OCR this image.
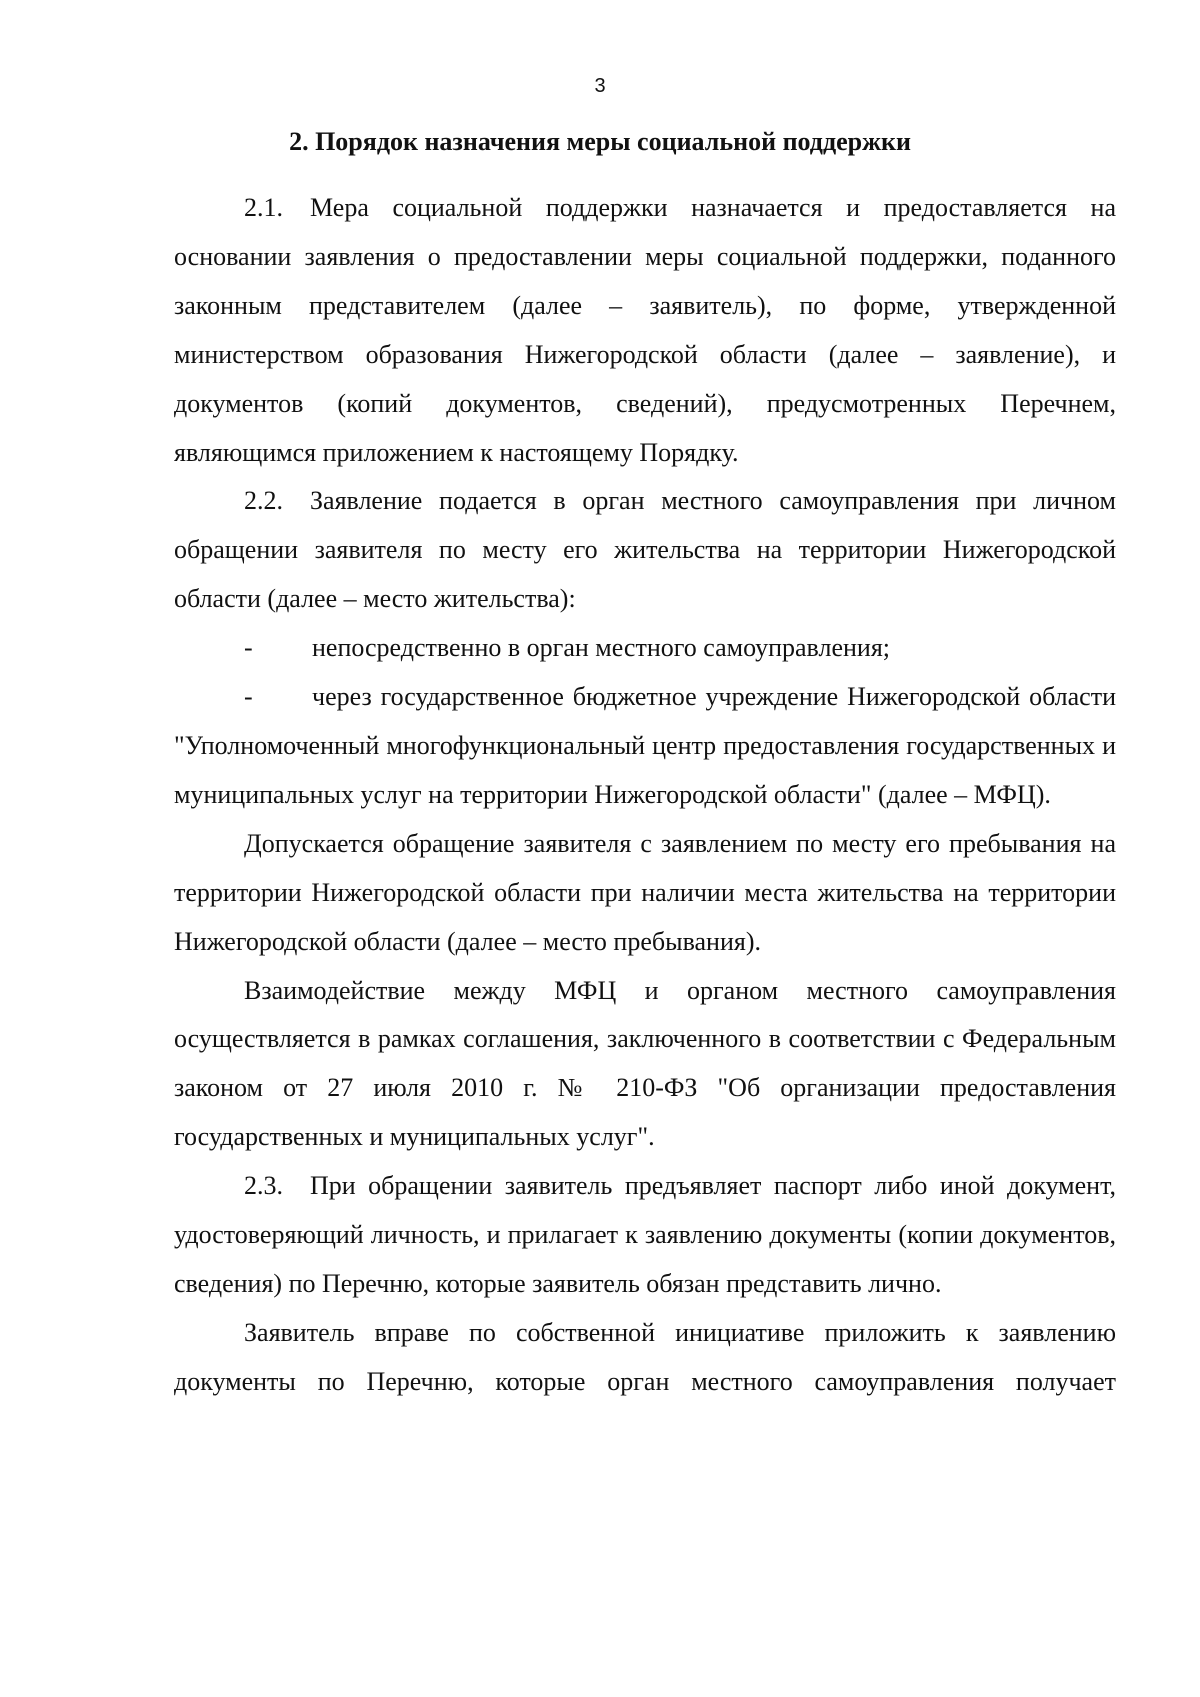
3
2. Порядок назначения меры социальной поддержки

2.1. Мера социальной поддержки назначается и предоставляется на основании заявления о предоставлении меры социальной поддержки, поданного законным представителем (далее – заявитель), по форме, утвержденной министерством образования Нижегородской области (далее – заявление), и документов (копий документов, сведений), предусмотренных Перечнем, являющимся приложением к настоящему Порядку.

2.2. Заявление подается в орган местного самоуправления при личном обращении заявителя по месту его жительства на территории Нижегородской области (далее – место жительства):

- непосредственно в орган местного самоуправления;

- через государственное бюджетное учреждение Нижегородской области "Уполномоченный многофункциональный центр предоставления государственных и муниципальных услуг на территории Нижегородской области" (далее – МФЦ).

Допускается обращение заявителя с заявлением по месту его пребывания на территории Нижегородской области при наличии места жительства на территории Нижегородской области (далее – место пребывания).

Взаимодействие между МФЦ и органом местного самоуправления осуществляется в рамках соглашения, заключенного в соответствии с Федеральным законом от 27 июля 2010 г. № 210-ФЗ "Об организации предоставления государственных и муниципальных услуг".

2.3. При обращении заявитель предъявляет паспорт либо иной документ, удостоверяющий личность, и прилагает к заявлению документы (копии документов, сведения) по Перечню, которые заявитель обязан представить лично.

Заявитель вправе по собственной инициативе приложить к заявлению документы по Перечню, которые орган местного самоуправления получает
